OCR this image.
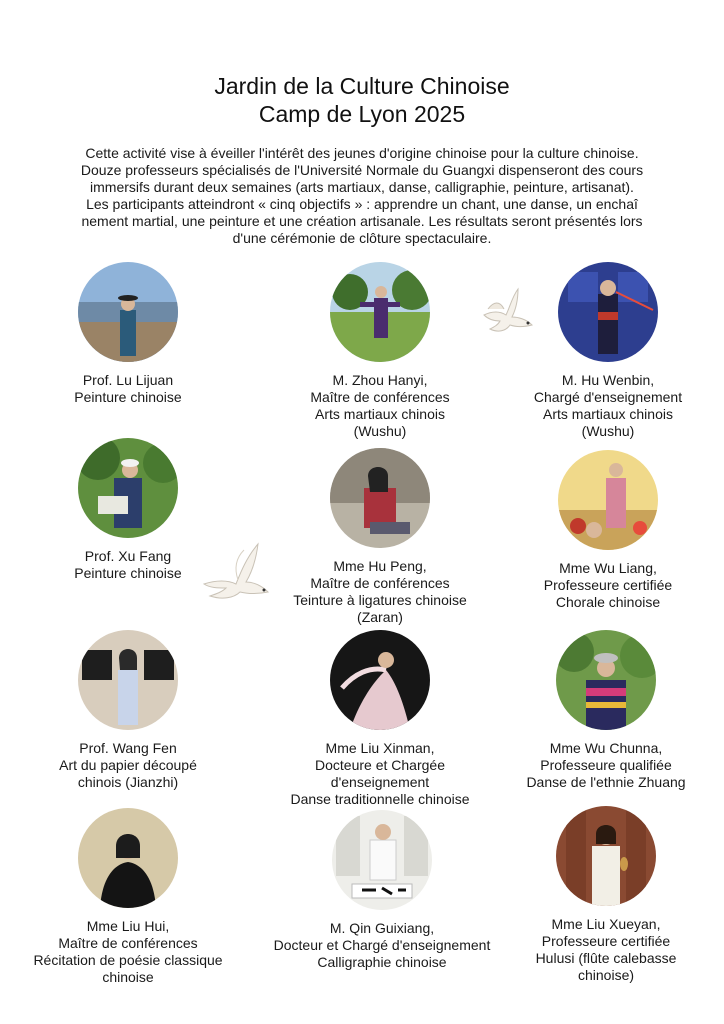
Jardin de la Culture Chinoise
Camp de Lyon 2025
Cette activité vise à éveiller l'intérêt des jeunes d'origine chinoise pour la culture chinoise.
Douze professeurs spécialisés de l'Université Normale du Guangxi dispenseront des cours
immersifs durant deux semaines (arts martiaux, danse, calligraphie, peinture, artisanat).
Les participants atteindront « cinq objectifs » : apprendre un chant, une danse, un enchaî
nement martial, une peinture et une création artisanale. Les résultats seront présentés lors
d'une cérémonie de clôture spectaculaire.
Prof. Lu Lijuan
Peinture chinoise
M. Zhou Hanyi,
Maître de conférences
Arts martiaux chinois
(Wushu)
M. Hu Wenbin,
Chargé d'enseignement
Arts martiaux chinois
(Wushu)
Prof. Xu Fang
Peinture chinoise	Mme Hu Peng,
Maître de conférences
Teinture à ligatures chinoise
(Zaran)
Mme Wu Liang,
Professeure certifiée
Chorale chinoise
Prof. Wang Fen
Art du papier découpé
chinois (Jianzhi)
Mme Liu Xinman,
Docteure et Chargée
d'enseignement
Danse traditionnelle chinoise
Mme Wu Chunna,
Professeure qualifiée
Danse de l'ethnie Zhuang
Mme Liu Hui,
Maître de conférences
Récitation de poésie classique
chinoise
M. Qin Guixiang,
Docteur et Chargé d'enseignement
Calligraphie chinoise
Mme Liu Xueyan,
Professeure certifiée
Hulusi (flûte calebasse
chinoise)
